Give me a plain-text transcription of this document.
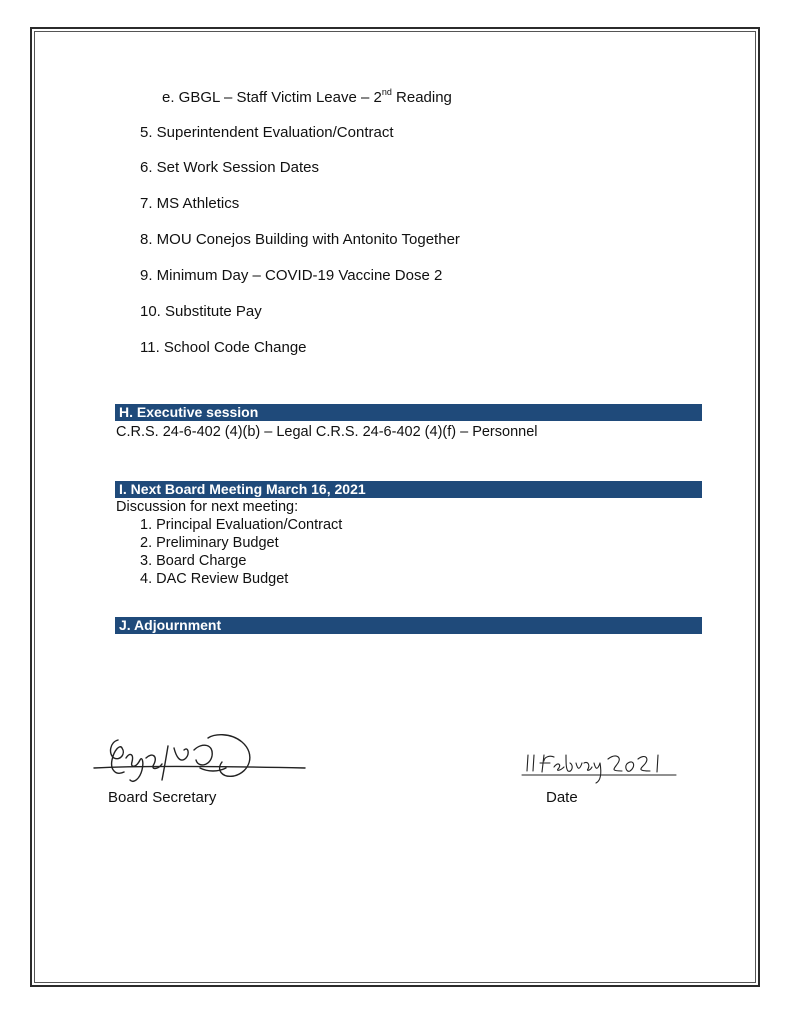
e. GBGL – Staff Victim Leave – 2nd Reading
5. Superintendent Evaluation/Contract
6. Set Work Session Dates
7. MS Athletics
8. MOU Conejos Building with Antonito Together
9. Minimum Day – COVID-19 Vaccine Dose 2
10. Substitute Pay
11. School Code Change
H. Executive session
C.R.S. 24-6-402 (4)(b) – Legal C.R.S. 24-6-402 (4)(f) – Personnel
I. Next Board Meeting March 16, 2021
Discussion for next meeting:
1. Principal Evaluation/Contract
2. Preliminary Budget
3. Board Charge
4. DAC Review Budget
J. Adjournment
Board Secretary	Date
